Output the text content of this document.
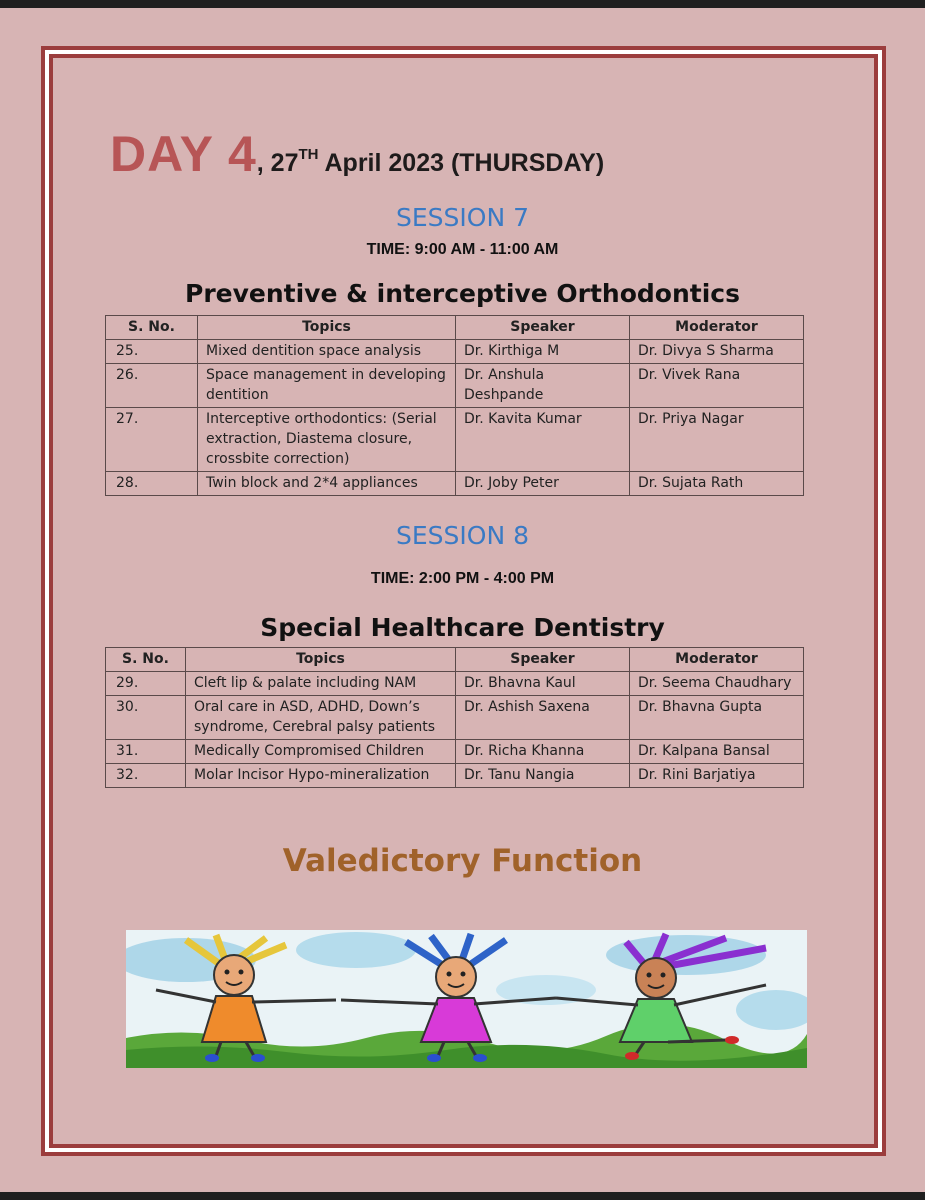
DAY 4, 27TH April 2023 (THURSDAY)
SESSION 7
TIME: 9:00 AM - 11:00 AM
Preventive & interceptive Orthodontics
S. No.	Topics	Speaker	Moderator
25.	Mixed dentition space analysis	Dr. Kirthiga M	Dr. Divya S Sharma
26.	Space management in developing dentition	Dr. Anshula Deshpande	Dr. Vivek Rana
27.	Interceptive orthodontics: (Serial extraction, Diastema closure, crossbite correction)	Dr. Kavita Kumar	Dr. Priya Nagar
28.	Twin block and 2*4 appliances	Dr. Joby Peter	Dr. Sujata Rath
SESSION 8
TIME: 2:00 PM - 4:00 PM
Special Healthcare Dentistry
S. No.	Topics	Speaker	Moderator
29.	Cleft lip & palate including NAM	Dr. Bhavna Kaul	Dr. Seema Chaudhary
30.	Oral care in ASD, ADHD, Down’s syndrome, Cerebral palsy patients	Dr. Ashish Saxena	Dr. Bhavna Gupta
31.	Medically Compromised Children	Dr. Richa Khanna	Dr. Kalpana Bansal
32.	Molar Incisor Hypo-mineralization	Dr. Tanu Nangia	Dr. Rini Barjatiya
Valedictory Function
